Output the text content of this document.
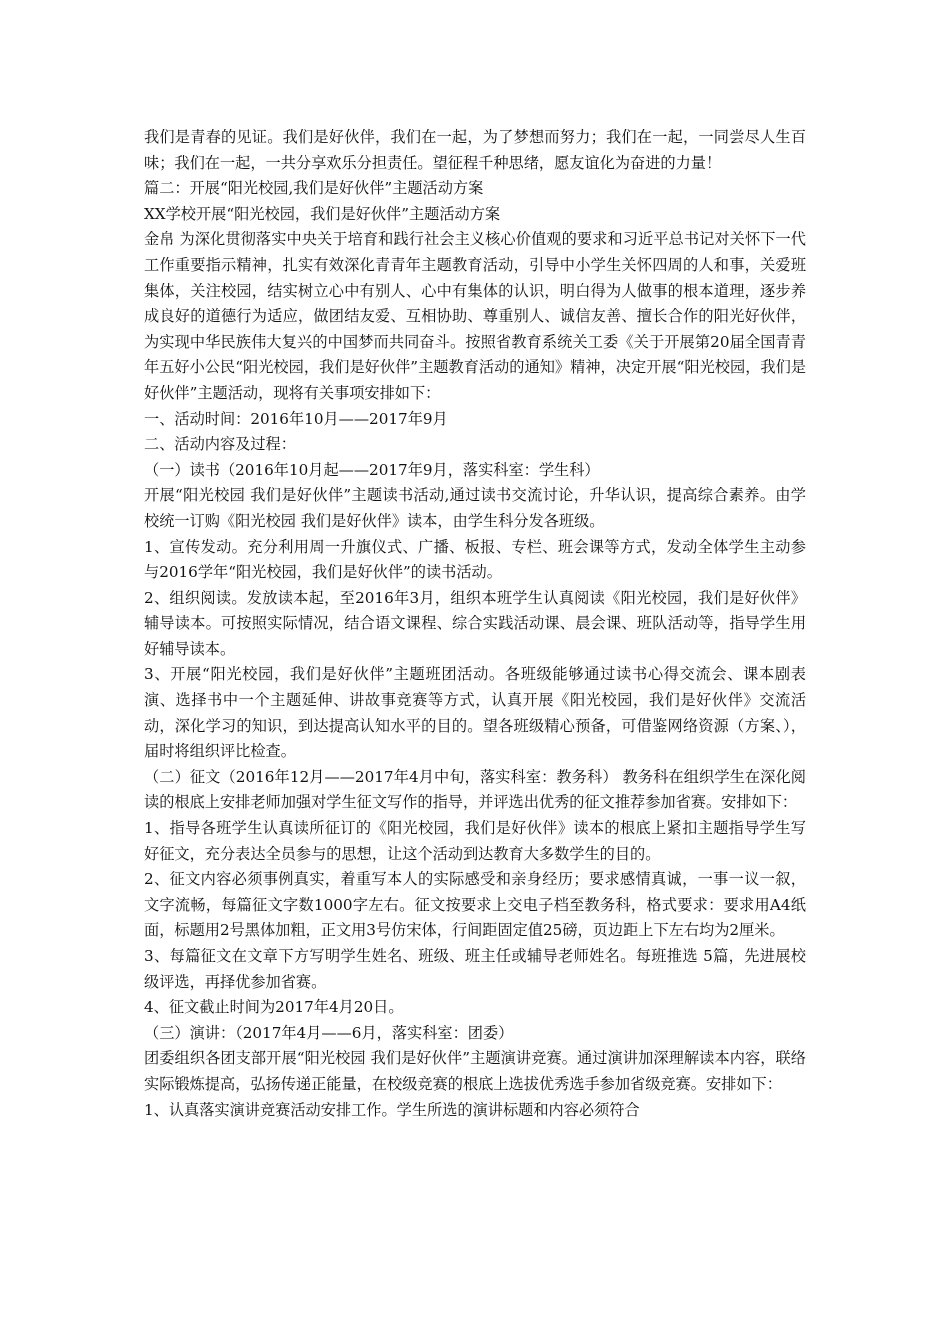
我们是青春的见证。我们是好伙伴，我们在一起，为了梦想而努力；我们在一起，一同尝尽人生百味；我们在一起，一共分享欢乐分担责任。望征程千种思绪，愿友谊化为奋进的力量！

篇二：开展“阳光校园,我们是好伙伴”主题活动方案

XX学校开展“阳光校园，我们是好伙伴”主题活动方案

金帛 为深化贯彻落实中央关于培育和践行社会主义核心价值观的要求和习近平总书记对关怀下一代工作重要指示精神，扎实有效深化青青年主题教育活动，引导中小学生关怀四周的人和事，关爱班集体，关注校园，结实树立心中有别人、心中有集体的认识，明白得为人做事的根本道理，逐步养成良好的道德行为适应，做团结友爱、互相协助、尊重别人、诚信友善、擅长合作的阳光好伙伴，为实现中华民族伟大复兴的中国梦而共同奋斗。按照省教育系统关工委《关于开展第20届全国青青年五好小公民“阳光校园，我们是好伙伴”主题教育活动的通知》精神，决定开展“阳光校园，我们是好伙伴”主题活动，现将有关事项安排如下：

一、活动时间：2016年10月——2017年9月

二、活动内容及过程：

（一）读书（2016年10月起——2017年9月，落实科室：学生科）

开展“阳光校园 我们是好伙伴”主题读书活动,通过读书交流讨论，升华认识，提高综合素养。由学校统一订购《阳光校园 我们是好伙伴》读本，由学生科分发各班级。

1、宣传发动。充分利用周一升旗仪式、广播、板报、专栏、班会课等方式，发动全体学生主动参与2016学年“阳光校园，我们是好伙伴”的读书活动。

2、组织阅读。发放读本起，至2016年3月，组织本班学生认真阅读《阳光校园，我们是好伙伴》辅导读本。可按照实际情况，结合语文课程、综合实践活动课、晨会课、班队活动等，指导学生用好辅导读本。

3、开展“阳光校园，我们是好伙伴”主题班团活动。各班级能够通过读书心得交流会、课本剧表演、选择书中一个主题延伸、讲故事竞赛等方式，认真开展《阳光校园，我们是好伙伴》交流活动，深化学习的知识，到达提高认知水平的目的。望各班级精心预备，可借鉴网络资源（方案、），届时将组织评比检查。

（二）征文（2016年12月——2017年4月中旬，落实科室：教务科） 教务科在组织学生在深化阅读的根底上安排老师加强对学生征文写作的指导，并评选出优秀的征文推荐参加省赛。安排如下：

1、指导各班学生认真读所征订的《阳光校园，我们是好伙伴》读本的根底上紧扣主题指导学生写好征文，充分表达全员参与的思想，让这个活动到达教育大多数学生的目的。

2、征文内容必须事例真实，着重写本人的实际感受和亲身经历；要求感情真诚，一事一议一叙，文字流畅，每篇征文字数1000字左右。征文按要求上交电子档至教务科，格式要求：要求用A4纸面，标题用2号黑体加粗，正文用3号仿宋体，行间距固定值25磅，页边距上下左右均为2厘米。

3、每篇征文在文章下方写明学生姓名、班级、班主任或辅导老师姓名。每班推选 5篇，先进展校级评选，再择优参加省赛。

4、征文截止时间为2017年4月20日。

（三）演讲：（2017年4月——6月，落实科室：团委）

团委组织各团支部开展“阳光校园 我们是好伙伴”主题演讲竞赛。通过演讲加深理解读本内容，联络实际锻炼提高，弘扬传递正能量，在校级竞赛的根底上选拔优秀选手参加省级竞赛。安排如下：

1、认真落实演讲竞赛活动安排工作。学生所选的演讲标题和内容必须符合
